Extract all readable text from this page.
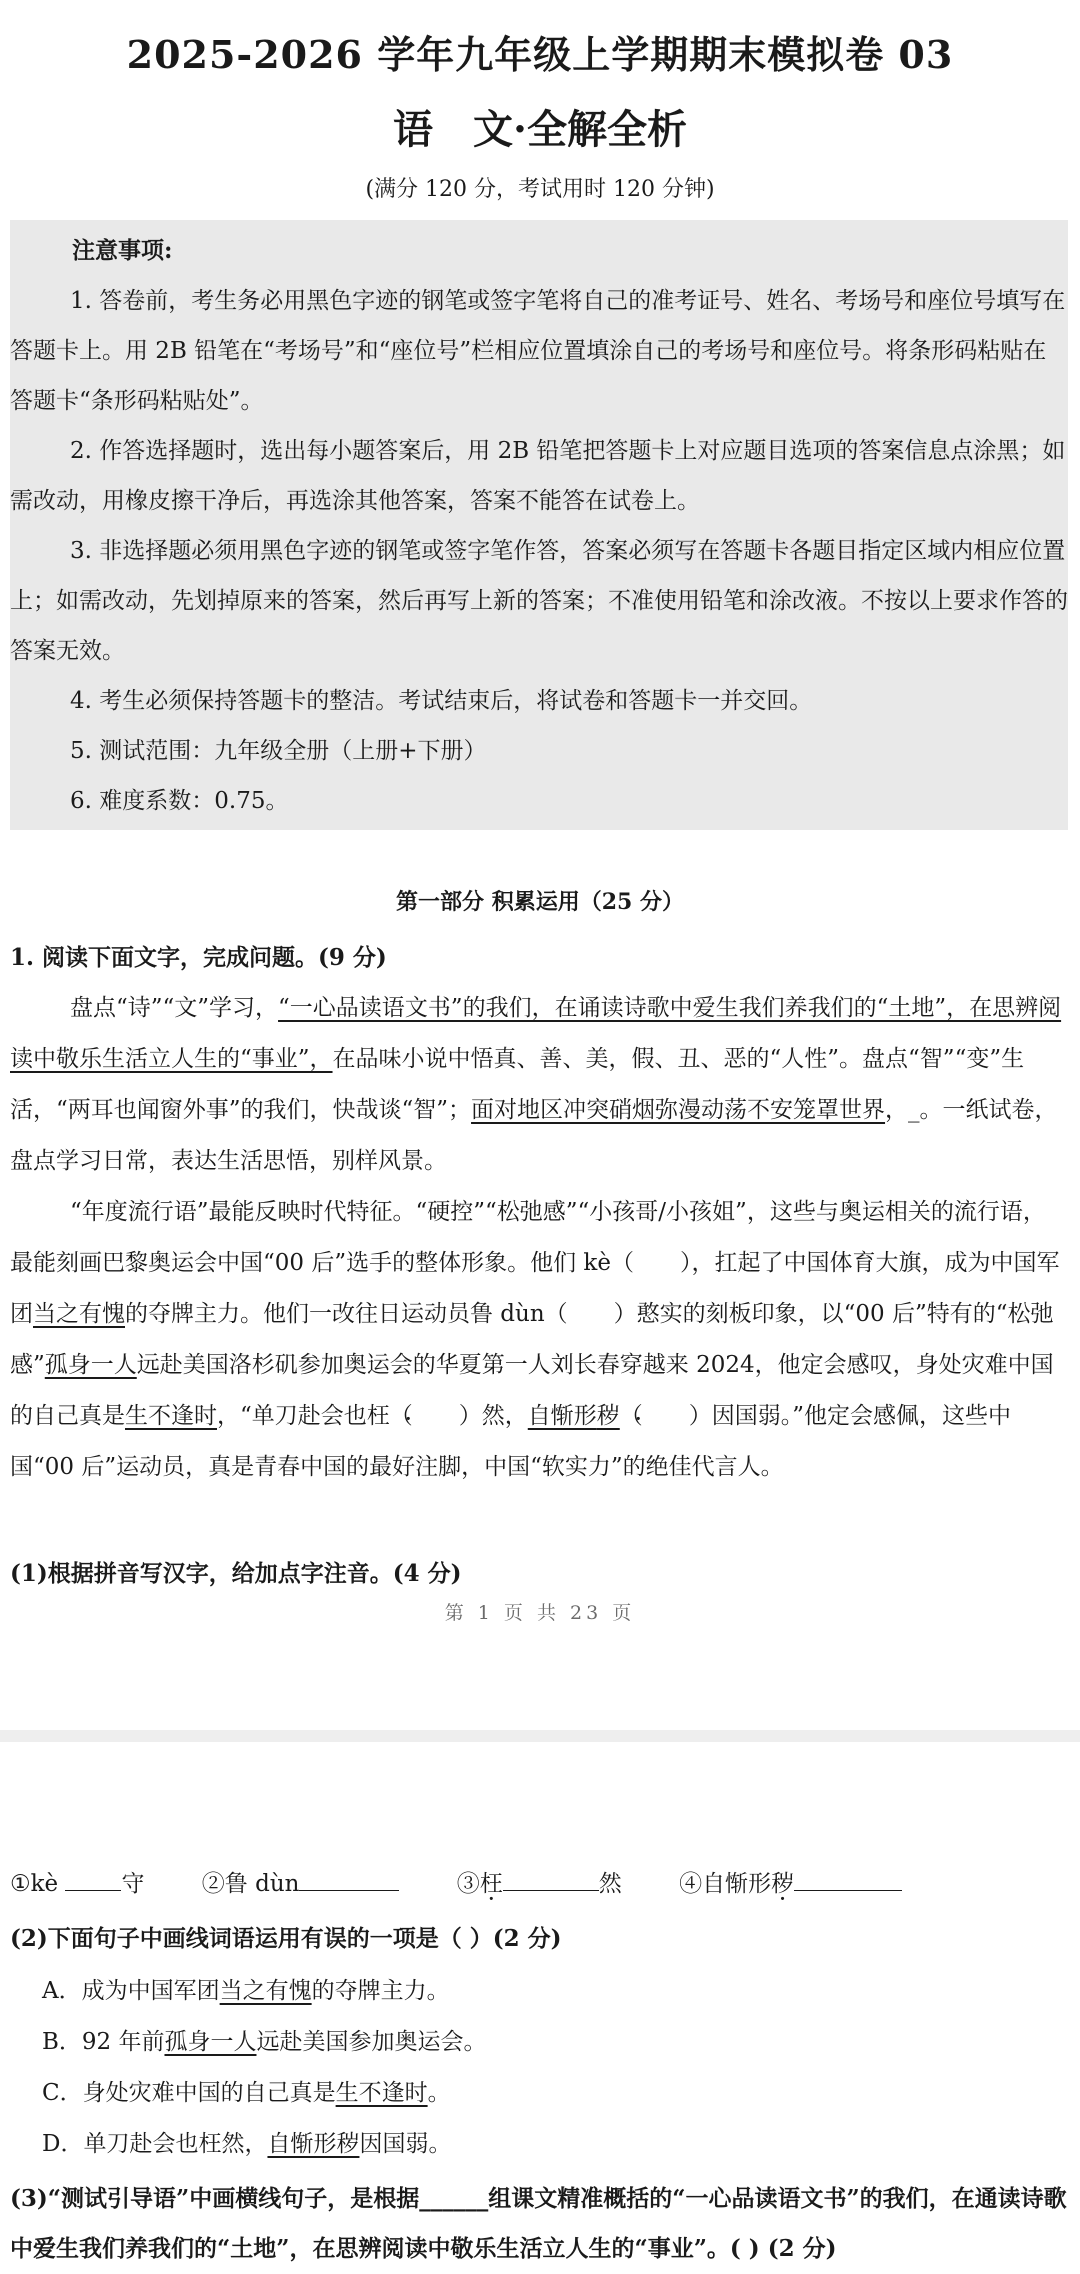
2025-2026 学年九年级上学期期末模拟卷 03
语　文·全解全析
(满分 120 分，考试用时 120 分钟)

注意事项:

1. 答卷前，考生务必用黑色字迹的钢笔或签字笔将自己的准考证号、姓名、考场号和座位号填写在答题卡上。用 2B 铅笔在“考场号”和“座位号”栏相应位置填涂自己的考场号和座位号。将条形码粘贴在答题卡“条形码粘贴处”。

2. 作答选择题时，选出每小题答案后，用 2B 铅笔把答题卡上对应题目选项的答案信息点涂黑；如需改动，用橡皮擦干净后，再选涂其他答案，答案不能答在试卷上。

3. 非选择题必须用黑色字迹的钢笔或签字笔作答，答案必须写在答题卡各题目指定区域内相应位置上；如需改动，先划掉原来的答案，然后再写上新的答案；不准使用铅笔和涂改液。不按以上要求作答的答案无效。

4. 考生必须保持答题卡的整洁。考试结束后，将试卷和答题卡一并交回。

5. 测试范围：九年级全册（上册+下册）

6. 难度系数：0.75。

第一部分 积累运用（25 分）

1. 阅读下面文字，完成问题。(9 分)

盘点“诗”“文”学习，“一心品读语文书”的我们，在诵读诗歌中爱生我们养我们的“土地”，在思辨阅读中敬乐生活立人生的“事业”，在品味小说中悟真、善、美，假、丑、恶的“人性”。盘点“智”“变”生活，“两耳也闻窗外事”的我们，快哉谈“智”；面对地区冲突硝烟弥漫动荡不安笼罩世界，_。一纸试卷，盘点学习日常，表达生活思悟，别样风景。

“年度流行语”最能反映时代特征。“硬控”“松弛感”“小孩哥/小孩姐”，这些与奥运相关的流行语，最能刻画巴黎奥运会中国“00 后”选手的整体形象。他们 kè（　　），扛起了中国体育大旗，成为中国军团当之有愧的夺牌主力。他们一改往日运动员鲁 dùn（　　）憨实的刻板印象，以“00 后”特有的“松弛感”孤身一人远赴美国洛杉矶参加奥运会的华夏第一人刘长春穿越来 2024，他定会感叹，身处灾难中国的自己真是生不逢时，“单刀赴会也枉 ·（　　）然，自惭形秽 ·（　　）因国弱。”他定会感佩，这些中国“00 后”运动员，真是青春中国的最好注脚，中国“软实力”的绝佳代言人。

(1)根据拼音写汉字，给加点字注音。(4 分)
第 1 页 共 23 页
①kè	守 ②鲁 dùn	③枉	然 ④自惭形秽
(2)下面句子中画线词语运用有误的一项是（ ）(2 分)
A．成为中国军团当之有愧的夺牌主力。
B．92 年前孤身一人远赴美国参加奥运会。
C．身处灾难中国的自己真是生不逢时。
D．单刀赴会也枉然，自惭形秽因国弱。
(3)“测试引导语”中画横线句子，是根据______组课文精准概括的“一心品读语文书”的我们，在通读诗歌中爱生我们养我们的“土地”，在思辨阅读中敬乐生活立人生的“事业”。( ) (2 分)
